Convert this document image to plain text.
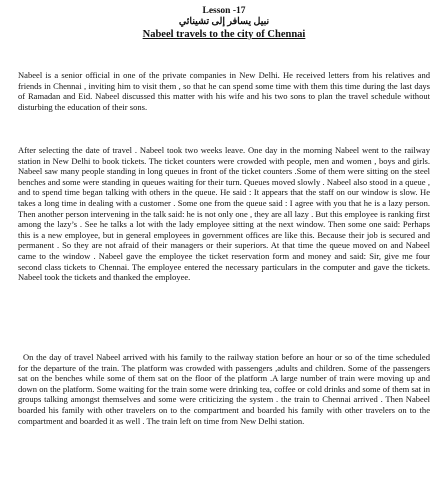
Lesson -17
نبيل يسافر إلى تشينائي
Nabeel travels to the city of Chennai

Nabeel is a senior official in one of the private companies in New Delhi. He received letters from his relatives and friends in Chennai , inviting him to visit them , so that he can spend some time with them this time during the last days of Ramadan and Eid. Nabeel discussed this matter with his wife and his two sons to plan the travel schedule without disturbing the education of their sons.

After selecting the date of travel . Nabeel took two weeks leave. One day in the morning Nabeel went to the railway station in New Delhi to book tickets. The ticket counters were crowded with people, men and women , boys and girls. Nabeel saw many people standing in long queues in front of the ticket counters .Some of them were sitting on the steel benches and some were standing in queues waiting for their turn. Queues moved slowly . Nabeel also stood in a queue , and to spend time began talking with others in the queue. He said : It appears that the staff on our window is slow. He takes a long time in dealing with a customer . Some one from the queue said : I agree with you that he is a lazy person. Then another person intervening in the talk said: he is not only one , they are all lazy . But this employee is ranking first among the lazy’s . See he talks a lot with the lady employee sitting at the next window. Then some one said: Perhaps this is a new employee, but in general employees in government offices are like this. Because their job is secured and permanent . So they are not afraid of their managers or their superiors. At that time the queue moved on and Nabeel came to the window . Nabeel gave the employee the ticket reservation form and money and said: Sir, give me four second class tickets to Chennai. The employee entered the necessary particulars in the computer and gave the tickets. Nabeel took the tickets and thanked the employee.

On the day of travel Nabeel arrived with his family to the railway station before an hour or so of the time scheduled for the departure of the train. The platform was crowded with passengers ,adults and children. Some of the passengers sat on the benches while some of them sat on the floor of the platform .A large number of train were moving up and down on the platform. Some waiting for the train some were drinking tea, coffee or cold drinks and some of them sat in groups talking amongst themselves and some were criticizing the system . the train to Chennai arrived . Then Nabeel boarded his family with other travelers on to the compartment and boarded his family with other travelers on to the compartment and boarded it as well . The train left on time from New Delhi station.
